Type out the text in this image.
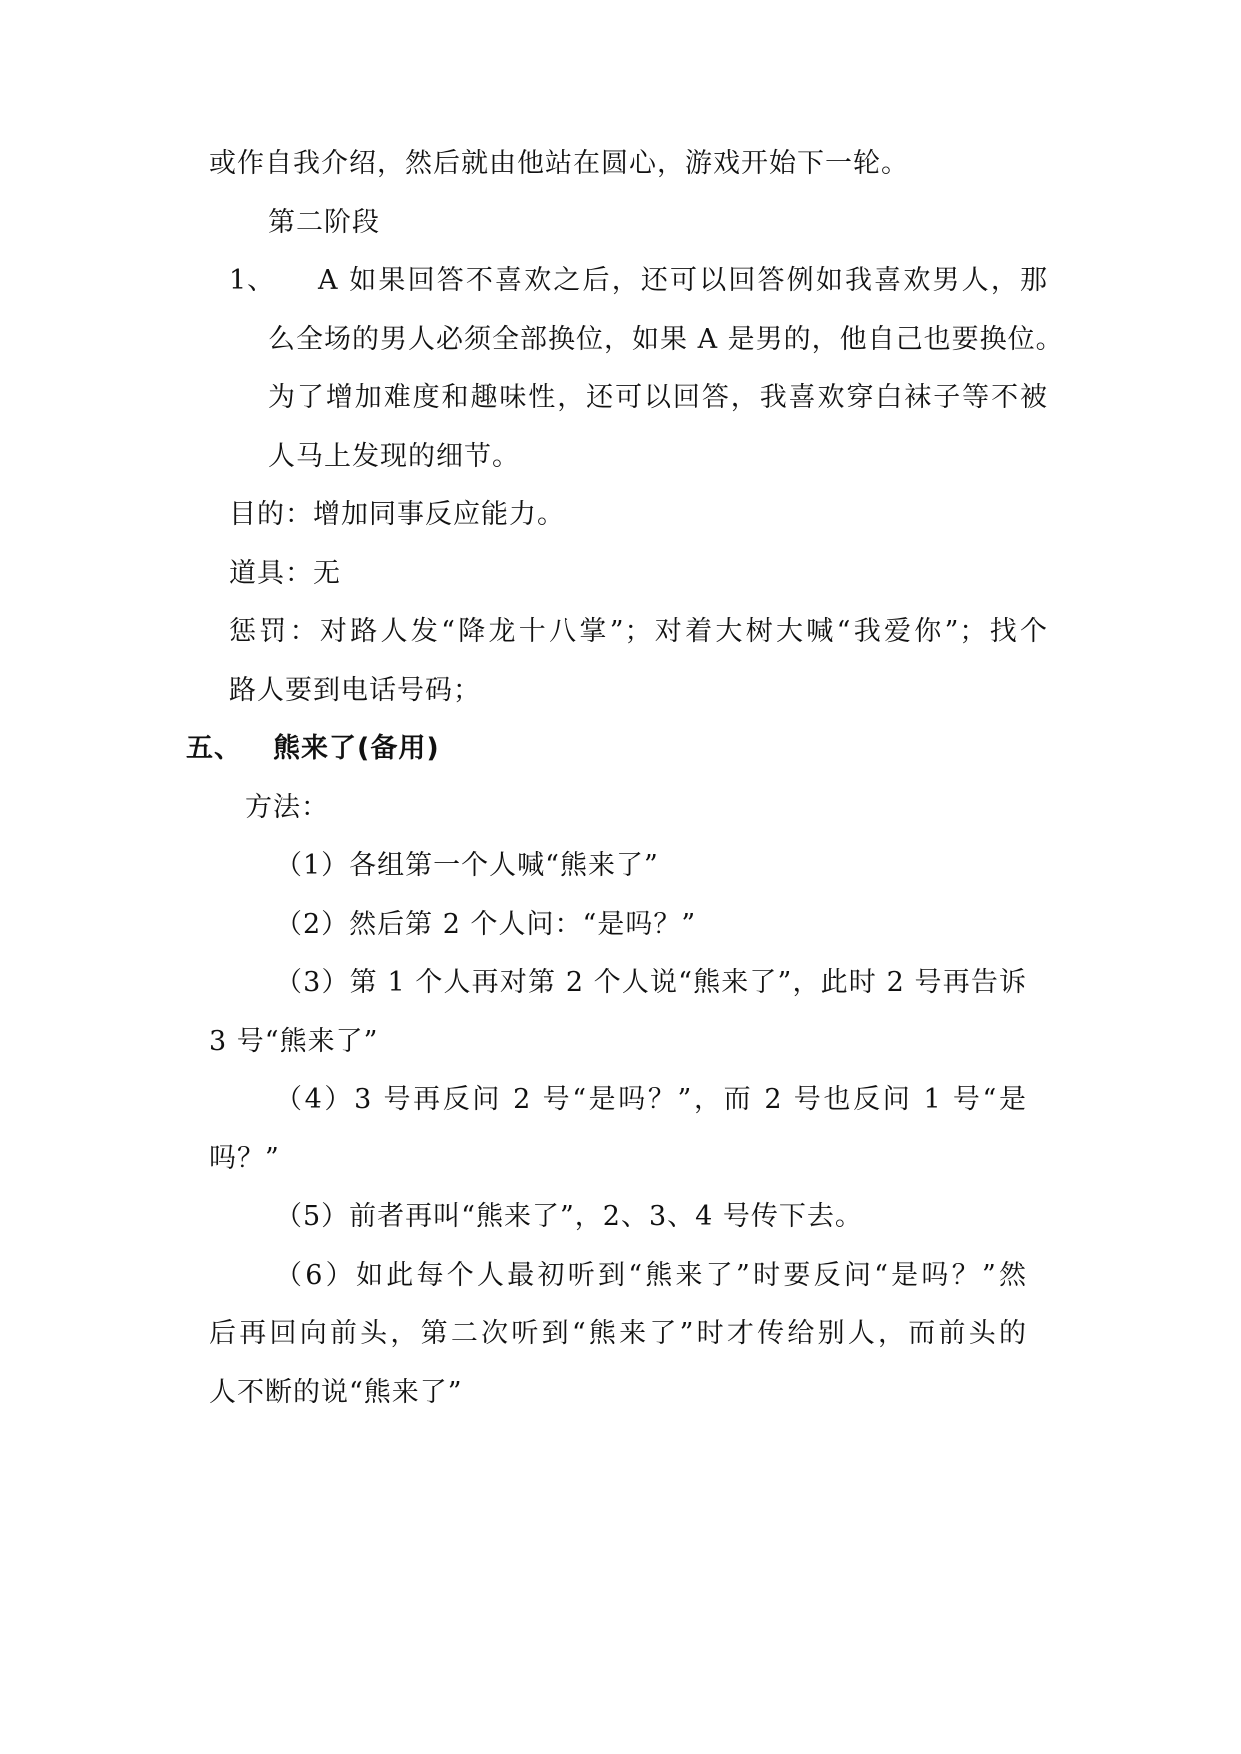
或作自我介绍，然后就由他站在圆心，游戏开始下一轮。
第二阶段
1、 A 如果回答不喜欢之后，还可以回答例如我喜欢男人，那
么全场的男人必须全部换位，如果 A 是男的，他自己也要换位。
为了增加难度和趣味性，还可以回答，我喜欢穿白袜子等不被
人马上发现的细节。
目的：增加同事反应能力。
道具：无
惩罚：对路人发“降龙十八掌”；对着大树大喊“我爱你”；找个
路人要到电话号码；
五、 熊来了(备用)
方法：
（1）各组第一个人喊“熊来了”
（2）然后第 2 个人问：“是吗？”
（3）第 1 个人再对第 2 个人说“熊来了”，此时 2 号再告诉
3 号“熊来了”
（4）3 号再反问 2 号“是吗？”，而 2 号也反问 1 号“是
吗？”
（5）前者再叫“熊来了”，2、3、4 号传下去。
（6）如此每个人最初听到“熊来了”时要反问“是吗？”然
后再回向前头，第二次听到“熊来了”时才传给别人，而前头的
人不断的说“熊来了”
